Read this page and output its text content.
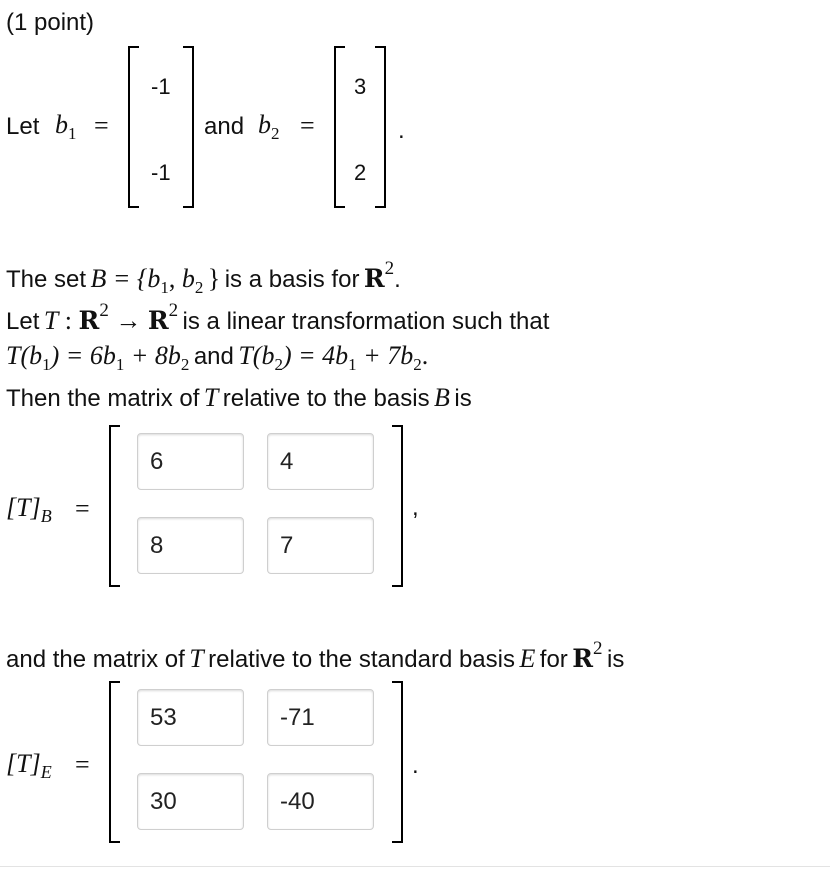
(1 point)
Let b1 =
-1
-1
and b2 =
3
2
.
The set B = {b1, b2 } is a basis for R2.
Let T : R2 → R2 is a linear transformation such that
T(b1) = 6b1 + 8b2 and T(b2) = 4b1 + 7b2.
Then the matrix of T relative to the basis B is
[T]B =
6	4
8	7
,
and the matrix of T relative to the standard basis E for R2 is
[T]E =
53	-71
30	-40
.
